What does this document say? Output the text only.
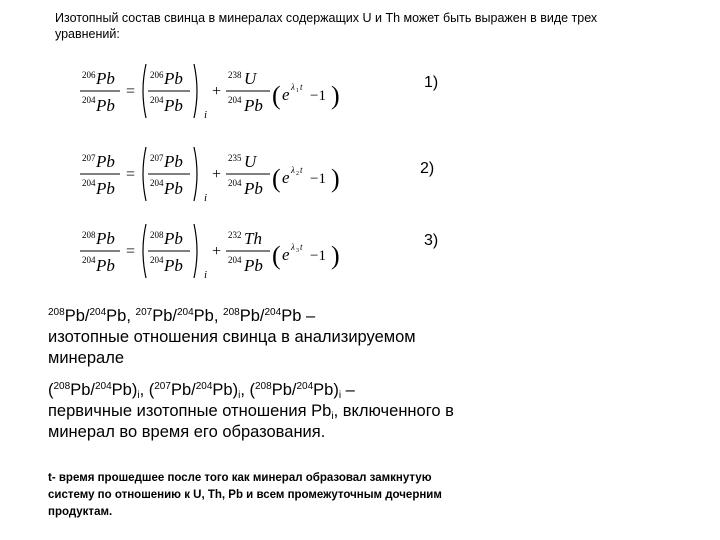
Изотопный состав свинца в минералах содержащих U и Th может быть выражен в виде трех уравнений:
206 Pb
204 Pb
=
206 Pb
204 Pb i
+
238 U
204 Pb ( e λ 1 t
−1 )	1)
207 Pb
204 Pb
=
207 Pb
204 Pb i
+
235 U
204 Pb ( e λ 2 t
−1 )	2)
208 Pb
204 Pb
=
208 Pb
204 Pb i
+
232 Th
204 Pb ( e λ 3 t
−1 )
3)
$^{208}$Pb/$^{204}$Pb, $^{207}$Pb/$^{204}$Pb, $^{208}$Pb/$^{204}$Pb –
изотопные отношения свинца в анализируемом минерале
$(^{208}Pb/^{204}Pb)_i$, $(^{207}Pb/^{204}Pb)_i$, $(^{208}Pb/^{204}Pb)_i$ –
первичные изотопные отношения $Pb_i$, включенного в минерал во время его образования.
t- время прошедшее после того как минерал образовал замкнутую систему по отношению к U, Th, Pb и всем промежуточным дочерним продуктам.
